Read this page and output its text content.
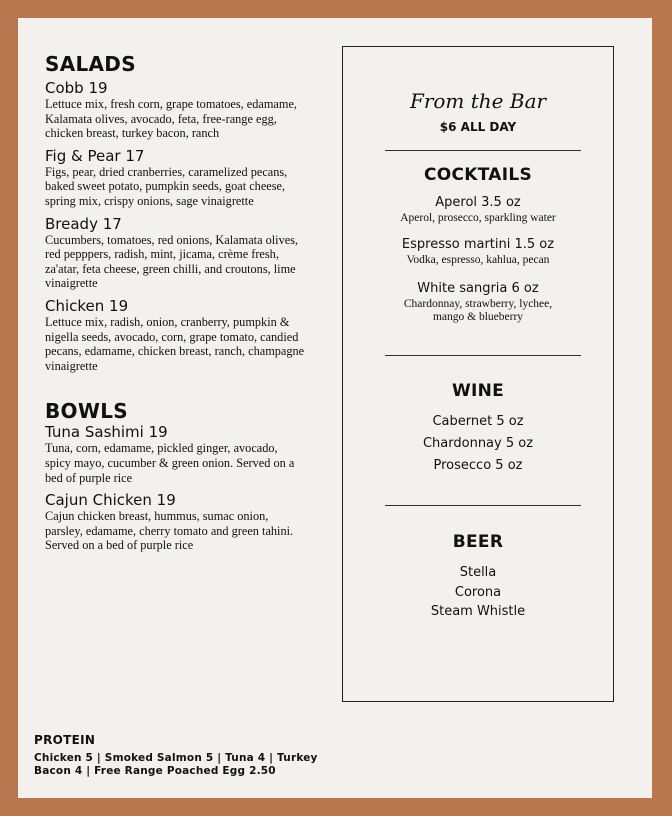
SALADS
Cobb 19
Lettuce mix, fresh corn, grape tomatoes, edamame, Kalamata olives, avocado, feta, free-range egg, chicken breast, turkey bacon, ranch
Fig & Pear 17
Figs, pear, dried cranberries, caramelized pecans, baked sweet potato, pumpkin seeds, goat cheese, spring mix, crispy onions, sage vinaigrette
Bready 17
Cucumbers, tomatoes, red onions, Kalamata olives, red pepppers, radish, mint, jicama, crème fresh, za'atar, feta cheese, green chilli, and croutons, lime vinaigrette
Chicken 19
Lettuce mix, radish, onion, cranberry, pumpkin & nigella seeds, avocado, corn, grape tomato, candied pecans, edamame, chicken breast, ranch, champagne vinaigrette
BOWLS
Tuna Sashimi 19
Tuna, corn, edamame, pickled ginger, avocado, spicy mayo, cucumber & green onion. Served on a bed of purple rice
Cajun Chicken 19
Cajun chicken breast, hummus, sumac onion, parsley, edamame, cherry tomato and green tahini. Served on a bed of purple rice
From the Bar
$6 ALL DAY
COCKTAILS
Aperol 3.5 oz
Aperol, prosecco, sparkling water
Espresso martini 1.5 oz
Vodka, espresso, kahlua, pecan
White sangria 6 oz
Chardonnay, strawberry, lychee, mango & blueberry
WINE
Cabernet 5 oz
Chardonnay 5 oz
Prosecco 5 oz
BEER
Stella
Corona
Steam Whistle
PROTEIN
Chicken 5 | Smoked Salmon 5 | Tuna 4 | Turkey Bacon 4 | Free Range Poached Egg 2.50
